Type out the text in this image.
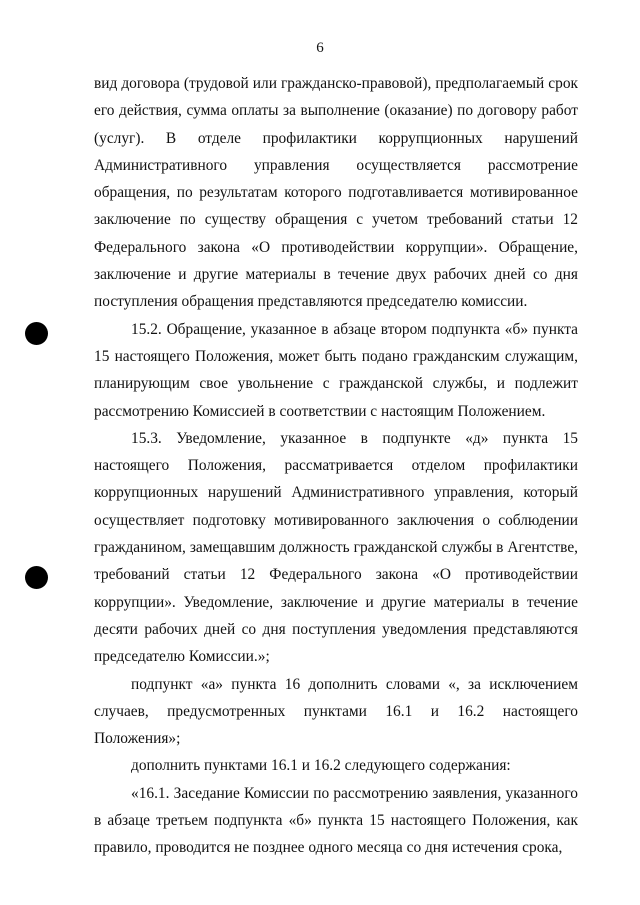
6

вид договора (трудовой или гражданско-правовой), предполагаемый срок его действия, сумма оплаты за выполнение (оказание) по договору работ (услуг). В отделе профилактики коррупционных нарушений Административного управления осуществляется рассмотрение обращения, по результатам которого подготавливается мотивированное заключение по существу обращения с учетом требований статьи 12 Федерального закона «О противодействии коррупции». Обращение, заключение и другие материалы в течение двух рабочих дней со дня поступления обращения представляются председателю комиссии.

15.2. Обращение, указанное в абзаце втором подпункта «б» пункта 15 настоящего Положения, может быть подано гражданским служащим, планирующим свое увольнение с гражданской службы, и подлежит рассмотрению Комиссией в соответствии с настоящим Положением.

15.3. Уведомление, указанное в подпункте «д» пункта 15 настоящего Положения, рассматривается отделом профилактики коррупционных нарушений Административного управления, который осуществляет подготовку мотивированного заключения о соблюдении гражданином, замещавшим должность гражданской службы в Агентстве, требований статьи 12 Федерального закона «О противодействии коррупции». Уведомление, заключение и другие материалы в течение десяти рабочих дней со дня поступления уведомления представляются председателю Комиссии.»;

подпункт «а» пункта 16 дополнить словами «, за исключением случаев, предусмотренных пунктами 16.1 и 16.2 настоящего Положения»;

дополнить пунктами 16.1 и 16.2 следующего содержания:

«16.1. Заседание Комиссии по рассмотрению заявления, указанного в абзаце третьем подпункта «б» пункта 15 настоящего Положения, как правило, проводится не позднее одного месяца со дня истечения срока,
